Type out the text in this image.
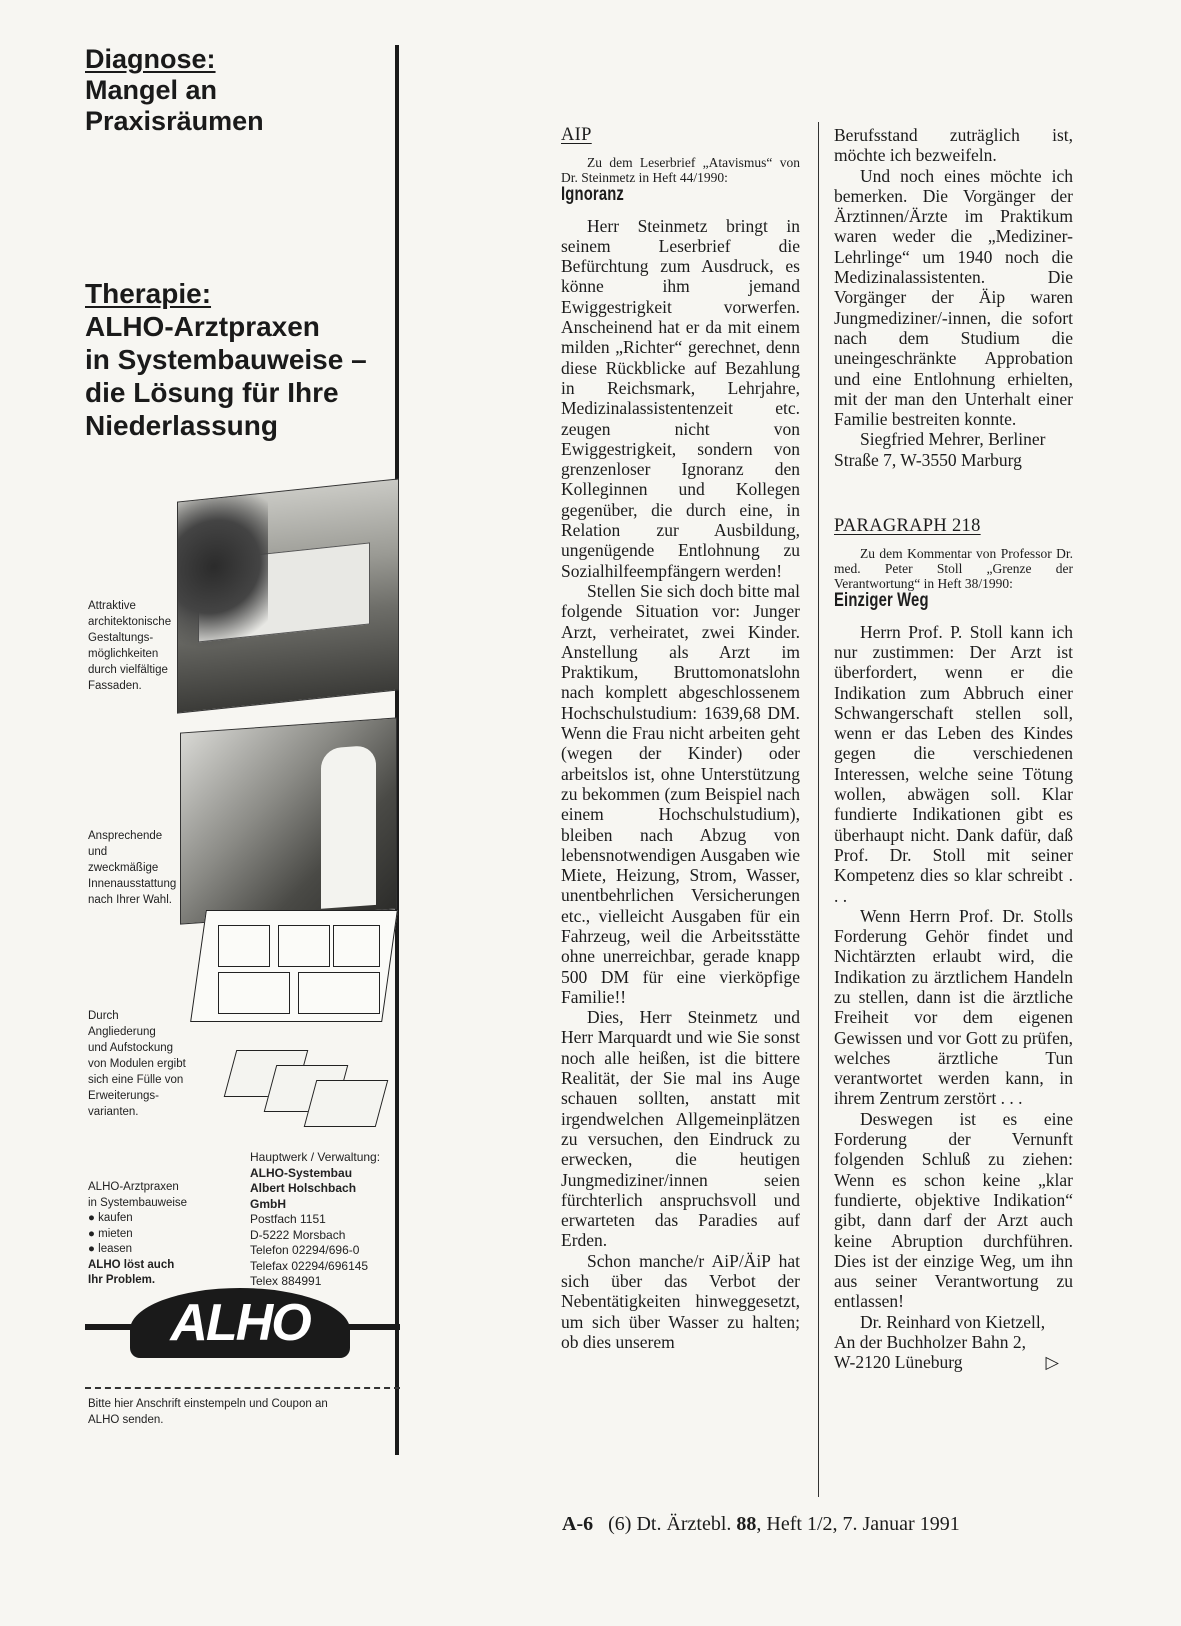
Diagnose:
Mangel an
Praxisräumen
Therapie:
ALHO-Arztpraxen
in Systembauweise –
die Lösung für Ihre
Niederlassung
Attraktive
architektonische
Gestaltungs-
möglichkeiten
durch vielfältige
Fassaden.
Ansprechende
und
zweckmäßige
Innenausstattung
nach Ihrer Wahl.
Durch
Angliederung
und Aufstockung
von Modulen ergibt
sich eine Fülle von
Erweiterungs-
varianten.
ALHO-Arztpraxen
in Systembauweise
● kaufen
● mieten
● leasen
ALHO löst auch
Ihr Problem.
Hauptwerk / Verwaltung:
ALHO-Systembau
Albert Holschbach
GmbH
Postfach 1151
D-5222 Morsbach
Telefon 02294/696-0
Telefax 02294/696145
Telex 884991
ALHO
Bitte hier Anschrift einstempeln und Coupon an
ALHO senden.
AIP

Zu dem Leserbrief „Atavismus“ von Dr. Steinmetz in Heft 44/1990:

Ignoranz

Herr Steinmetz bringt in seinem Leserbrief die Befürchtung zum Ausdruck, es könne ihm jemand Ewiggestrigkeit vorwerfen. Anscheinend hat er da mit einem milden „Richter“ gerechnet, denn diese Rückblicke auf Bezahlung in Reichsmark, Lehrjahre, Medizinalassistentenzeit etc. zeugen nicht von Ewiggestrigkeit, sondern von grenzenloser Ignoranz den Kolleginnen und Kollegen gegenüber, die durch eine, in Relation zur Ausbildung, ungenügende Entlohnung zu Sozialhilfeempfängern werden!

Stellen Sie sich doch bitte mal folgende Situation vor: Junger Arzt, verheiratet, zwei Kinder. Anstellung als Arzt im Praktikum, Bruttomonatslohn nach komplett abgeschlossenem Hochschulstudium: 1639,68 DM. Wenn die Frau nicht arbeiten geht (wegen der Kinder) oder arbeitslos ist, ohne Unterstützung zu bekommen (zum Beispiel nach einem Hochschulstudium), bleiben nach Abzug von lebensnotwendigen Ausgaben wie Miete, Heizung, Strom, Wasser, unentbehrlichen Versicherungen etc., vielleicht Ausgaben für ein Fahrzeug, weil die Arbeitsstätte ohne unerreichbar, gerade knapp 500 DM für eine vierköpfige Familie!!

Dies, Herr Steinmetz und Herr Marquardt und wie Sie sonst noch alle heißen, ist die bittere Realität, der Sie mal ins Auge schauen sollten, anstatt mit irgendwelchen Allgemeinplätzen zu versuchen, den Eindruck zu erwecken, die heutigen Jungmediziner/innen seien fürchterlich anspruchsvoll und erwarteten das Paradies auf Erden.

Schon manche/r AiP/ÄiP hat sich über das Verbot der Nebentätigkeiten hinweggesetzt, um sich über Wasser zu halten; ob dies unserem

Berufsstand zuträglich ist, möchte ich bezweifeln.

Und noch eines möchte ich bemerken. Die Vorgänger der Ärztinnen/Ärzte im Praktikum waren weder die „Mediziner-Lehrlinge“ um 1940 noch die Medizinalassistenten. Die Vorgänger der Äip waren Jungmediziner/-innen, die sofort nach dem Studium die uneingeschränkte Approbation und eine Entlohnung erhielten, mit der man den Unterhalt einer Familie bestreiten konnte.

Siegfried Mehrer, Berliner Straße 7, W-3550 Marburg

PARAGRAPH 218

Zu dem Kommentar von Professor Dr. med. Peter Stoll „Grenze der Verantwortung“ in Heft 38/1990:

Einziger Weg

Herrn Prof. P. Stoll kann ich nur zustimmen: Der Arzt ist überfordert, wenn er die Indikation zum Abbruch einer Schwangerschaft stellen soll, wenn er das Leben des Kindes gegen die verschiedenen Interessen, welche seine Tötung wollen, abwägen soll. Klar fundierte Indikationen gibt es überhaupt nicht. Dank dafür, daß Prof. Dr. Stoll mit seiner Kompetenz dies so klar schreibt . . .

Wenn Herrn Prof. Dr. Stolls Forderung Gehör findet und Nichtärzten erlaubt wird, die Indikation zu ärztlichem Handeln zu stellen, dann ist die ärztliche Freiheit vor dem eigenen Gewissen und vor Gott zu prüfen, welches ärztliche Tun verantwortet werden kann, in ihrem Zentrum zerstört . . .

Deswegen ist es eine Forderung der Vernunft folgenden Schluß zu ziehen: Wenn es schon keine „klar fundierte, objektive Indikation“ gibt, dann darf der Arzt auch keine Abruption durchführen. Dies ist der einzige Weg, um ihn aus seiner Verantwortung zu entlassen!

Dr. Reinhard von Kietzell,

An der Buchholzer Bahn 2,

W-2120 Lüneburg	▷

A-6 (6) Dt. Ärztebl. 88, Heft 1/2, 7. Januar 1991
